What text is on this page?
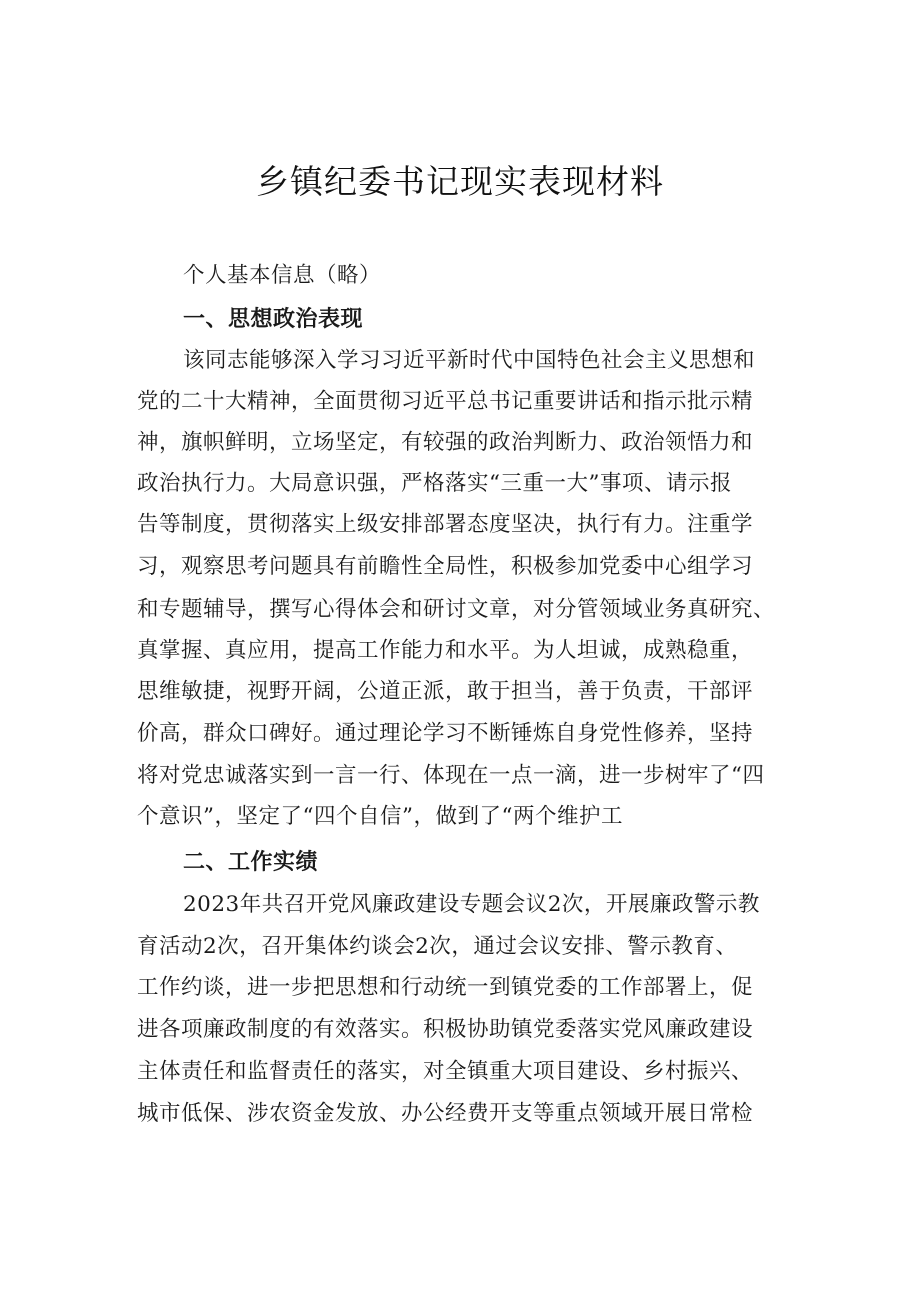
乡镇纪委书记现实表现材料
个人基本信息（略）
一、思想政治表现
该同志能够深入学习习近平新时代中国特色社会主义思想和
党的二十大精神，全面贯彻习近平总书记重要讲话和指示批示精
神，旗帜鲜明，立场坚定，有较强的政治判断力、政治领悟力和
政治执行力。大局意识强，严格落实“三重一大”事项、请示报
告等制度，贯彻落实上级安排部署态度坚决，执行有力。注重学
习，观察思考问题具有前瞻性全局性，积极参加党委中心组学习
和专题辅导，撰写心得体会和研讨文章，对分管领域业务真研究、
真掌握、真应用，提高工作能力和水平。为人坦诚，成熟稳重，
思维敏捷，视野开阔，公道正派，敢于担当，善于负责，干部评
价高，群众口碑好。通过理论学习不断锤炼自身党性修养，坚持
将对党忠诚落实到一言一行、体现在一点一滴，进一步树牢了“四
个意识”，坚定了“四个自信”，做到了“两个维护工
二、工作实绩
2023年共召开党风廉政建设专题会议2次，开展廉政警示教
育活动2次，召开集体约谈会2次，通过会议安排、警示教育、
工作约谈，进一步把思想和行动统一到镇党委的工作部署上，促
进各项廉政制度的有效落实。积极协助镇党委落实党风廉政建设
主体责任和监督责任的落实，对全镇重大项目建设、乡村振兴、
城市低保、涉农资金发放、办公经费开支等重点领域开展日常检
